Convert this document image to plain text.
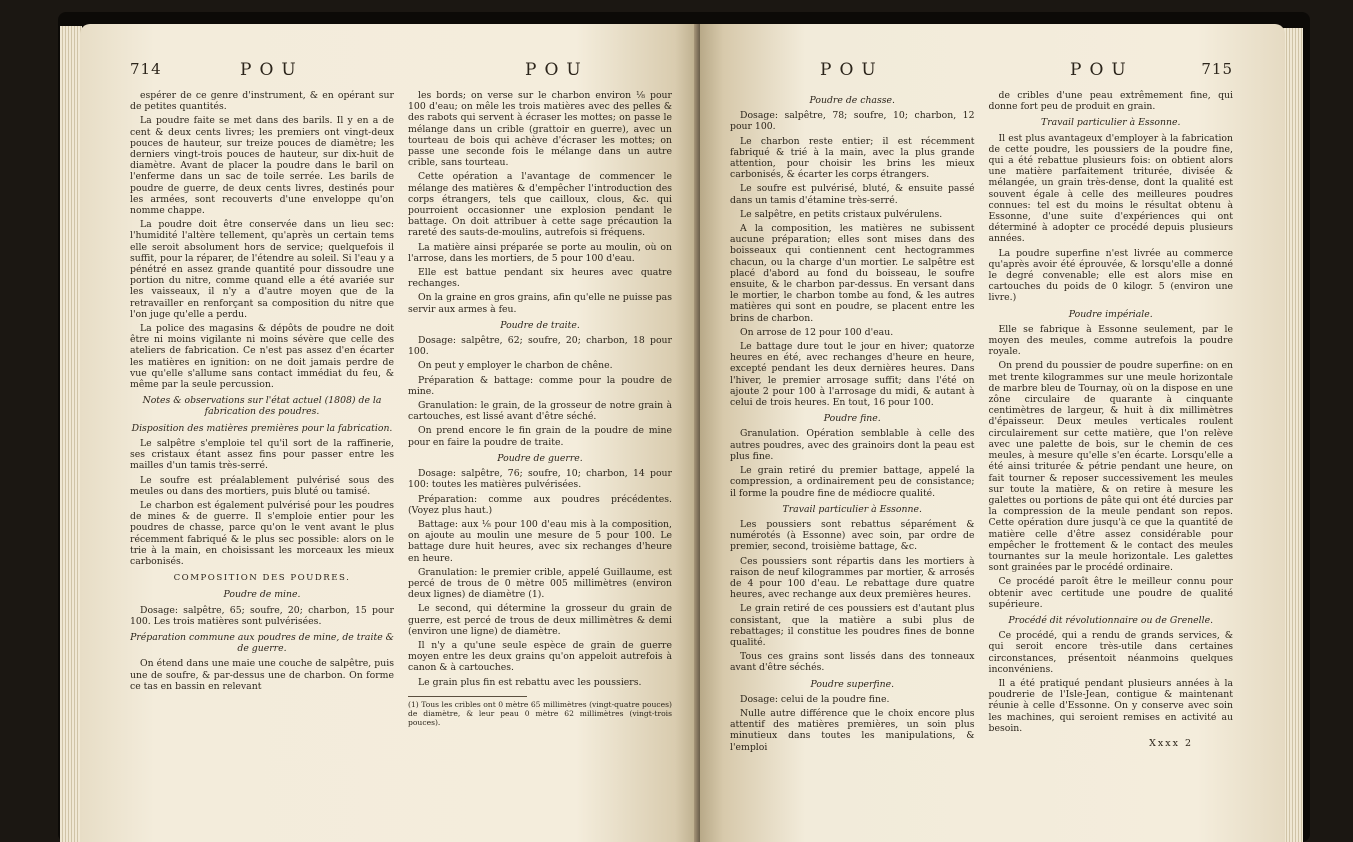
714	POU	POU

espérer de ce genre d'instrument, & en opérant sur de petites quantités.

La poudre faite se met dans des barils. Il y en a de cent & deux cents livres; les premiers ont vingt-deux pouces de hauteur, sur treize pouces de diamètre; les derniers vingt-trois pouces de hauteur, sur dix-huit de diamètre. Avant de placer la poudre dans le baril on l'enferme dans un sac de toile serrée. Les barils de poudre de guerre, de deux cents livres, destinés pour les armées, sont recouverts d'une enveloppe qu'on nomme chappe.

La poudre doit être conservée dans un lieu sec: l'humidité l'altère tellement, qu'après un certain tems elle seroit absolument hors de service; quelquefois il suffit, pour la réparer, de l'étendre au soleil. Si l'eau y a pénétré en assez grande quantité pour dissoudre une portion du nitre, comme quand elle a été avariée sur les vaisseaux, il n'y a d'autre moyen que de la retravailler en renforçant sa composition du nitre que l'on juge qu'elle a perdu.

La police des magasins & dépôts de poudre ne doit être ni moins vigilante ni moins sévère que celle des ateliers de fabrication. Ce n'est pas assez d'en écarter les matières en ignition: on ne doit jamais perdre de vue qu'elle s'allume sans contact immédiat du feu, & même par la seule percussion.

Notes & observations sur l'état actuel (1808) de la fabrication des poudres.
Disposition des matières premières pour la fabrication.

Le salpêtre s'emploie tel qu'il sort de la raffinerie, ses cristaux étant assez fins pour passer entre les mailles d'un tamis très-serré.

Le soufre est préalablement pulvérisé sous des meules ou dans des mortiers, puis bluté ou tamisé.

Le charbon est également pulvérisé pour les poudres de mines & de guerre. Il s'emploie entier pour les poudres de chasse, parce qu'on le vent avant le plus récemment fabriqué & le plus sec possible: alors on le trie à la main, en choisissant les morceaux les mieux carbonisés.

COMPOSITION DES POUDRES.
Poudre de mine.

Dosage: salpêtre, 65; soufre, 20; charbon, 15 pour 100. Les trois matières sont pulvérisées.

Préparation commune aux poudres de mine, de traite & de guerre.

On étend dans une maie une couche de salpêtre, puis une de soufre, & par-dessus une de charbon. On forme ce tas en bassin en relevant

les bords; on verse sur le charbon environ ⅛ pour 100 d'eau; on mêle les trois matières avec des pelles & des rabots qui servent à écraser les mottes; on passe le mélange dans un crible (grattoir en guerre), avec un tourteau de bois qui achève d'écraser les mottes; on passe une seconde fois le mélange dans un autre crible, sans tourteau.

Cette opération a l'avantage de commencer le mélange des matières & d'empêcher l'introduction des corps étrangers, tels que cailloux, clous, &c. qui pourroient occasionner une explosion pendant le battage. On doit attribuer à cette sage précaution la rareté des sauts-de-moulins, autrefois si fréquens.

La matière ainsi préparée se porte au moulin, où on l'arrose, dans les mortiers, de 5 pour 100 d'eau.

Elle est battue pendant six heures avec quatre rechanges.

On la graine en gros grains, afin qu'elle ne puisse pas servir aux armes à feu.

Poudre de traite.

Dosage: salpêtre, 62; soufre, 20; charbon, 18 pour 100.

On peut y employer le charbon de chêne.

Préparation & battage: comme pour la poudre de mine.

Granulation: le grain, de la grosseur de notre grain à cartouches, est lissé avant d'être séché.

On prend encore le fin grain de la poudre de mine pour en faire la poudre de traite.

Poudre de guerre.

Dosage: salpêtre, 76; soufre, 10; charbon, 14 pour 100: toutes les matières pulvérisées.

Préparation: comme aux poudres précédentes. (Voyez plus haut.)

Battage: aux ⅛ pour 100 d'eau mis à la composition, on ajoute au moulin une mesure de 5 pour 100. Le battage dure huit heures, avec six rechanges d'heure en heure.

Granulation: le premier crible, appelé Guillaume, est percé de trous de 0 mètre 005 millimètres (environ deux lignes) de diamètre (1).

Le second, qui détermine la grosseur du grain de guerre, est percé de trous de deux millimètres & demi (environ une ligne) de diamètre.

Il n'y a qu'une seule espèce de grain de guerre moyen entre les deux grains qu'on appeloit autrefois à canon & à cartouches.

Le grain plus fin est rebattu avec les poussiers.

(1) Tous les cribles ont 0 mètre 65 millimètres (vingt-quatre pouces) de diamètre, & leur peau 0 mètre 62 millimètres (vingt-trois pouces).
POU	POU	715
Poudre de chasse.

Dosage: salpêtre, 78; soufre, 10; charbon, 12 pour 100.

Le charbon reste entier; il est récemment fabriqué & trié à la main, avec la plus grande attention, pour choisir les brins les mieux carbonisés, & écarter les corps étrangers.

Le soufre est pulvérisé, bluté, & ensuite passé dans un tamis d'étamine très-serré.

Le salpêtre, en petits cristaux pulvérulens.

A la composition, les matières ne subissent aucune préparation; elles sont mises dans des boisseaux qui contiennent cent hectogrammes chacun, ou la charge d'un mortier. Le salpêtre est placé d'abord au fond du boisseau, le soufre ensuite, & le charbon par-dessus. En versant dans le mortier, le charbon tombe au fond, & les autres matières qui sont en poudre, se placent entre les brins de charbon.

On arrose de 12 pour 100 d'eau.

Le battage dure tout le jour en hiver; quatorze heures en été, avec rechanges d'heure en heure, excepté pendant les deux dernières heures. Dans l'hiver, le premier arrosage suffit; dans l'été on ajoute 2 pour 100 à l'arrosage du midi, & autant à celui de trois heures. En tout, 16 pour 100.

Poudre fine.

Granulation. Opération semblable à celle des autres poudres, avec des grainoirs dont la peau est plus fine.

Le grain retiré du premier battage, appelé la compression, a ordinairement peu de consistance; il forme la poudre fine de médiocre qualité.

Travail particulier à Essonne.

Les poussiers sont rebattus séparément & numérotés (à Essonne) avec soin, par ordre de premier, second, troisième battage, &c.

Ces poussiers sont répartis dans les mortiers à raison de neuf kilogrammes par mortier, & arrosés de 4 pour 100 d'eau. Le rebattage dure quatre heures, avec rechange aux deux premières heures.

Le grain retiré de ces poussiers est d'autant plus consistant, que la matière a subi plus de rebattages; il constitue les poudres fines de bonne qualité.

Tous ces grains sont lissés dans des tonneaux avant d'être séchés.

Poudre superfine.

Dosage: celui de la poudre fine.

Nulle autre différence que le choix encore plus attentif des matières premières, un soin plus minutieux dans toutes les manipulations, & l'emploi

de cribles d'une peau extrêmement fine, qui donne fort peu de produit en grain.

Travail particulier à Essonne.

Il est plus avantageux d'employer à la fabrication de cette poudre, les poussiers de la poudre fine, qui a été rebattue plusieurs fois: on obtient alors une matière parfaitement triturée, divisée & mélangée, un grain très-dense, dont la qualité est souvent égale à celle des meilleures poudres connues: tel est du moins le résultat obtenu à Essonne, d'une suite d'expériences qui ont déterminé à adopter ce procédé depuis plusieurs années.

La poudre superfine n'est livrée au commerce qu'après avoir été éprouvée, & lorsqu'elle a donné le degré convenable; elle est alors mise en cartouches du poids de 0 kilogr. 5 (environ une livre.)

Poudre impériale.

Elle se fabrique à Essonne seulement, par le moyen des meules, comme autrefois la poudre royale.

On prend du poussier de poudre superfine: on en met trente kilogrammes sur une meule horizontale de marbre bleu de Tournay, où on la dispose en une zône circulaire de quarante à cinquante centimètres de largeur, & huit à dix millimètres d'épaisseur. Deux meules verticales roulent circulairement sur cette matière, que l'on relève avec une palette de bois, sur le chemin de ces meules, à mesure qu'elle s'en écarte. Lorsqu'elle a été ainsi triturée & pétrie pendant une heure, on fait tourner & reposer successivement les meules sur toute la matière, & on retire à mesure les galettes ou portions de pâte qui ont été durcies par la compression de la meule pendant son repos. Cette opération dure jusqu'à ce que la quantité de matière celle d'être assez considérable pour empêcher le frottement & le contact des meules tournantes sur la meule horizontale. Les galettes sont grainées par le procédé ordinaire.

Ce procédé paroît être le meilleur connu pour obtenir avec certitude une poudre de qualité supérieure.

Procédé dit révolutionnaire ou de Grenelle.

Ce procédé, qui a rendu de grands services, & qui seroit encore très-utile dans certaines circonstances, présentoit néanmoins quelques inconvéniens.

Il a été pratiqué pendant plusieurs années à la poudrerie de l'Isle-Jean, contigue & maintenant réunie à celle d'Essonne. On y conserve avec soin les machines, qui seroient remises en activité au besoin.

Xxxx 2
